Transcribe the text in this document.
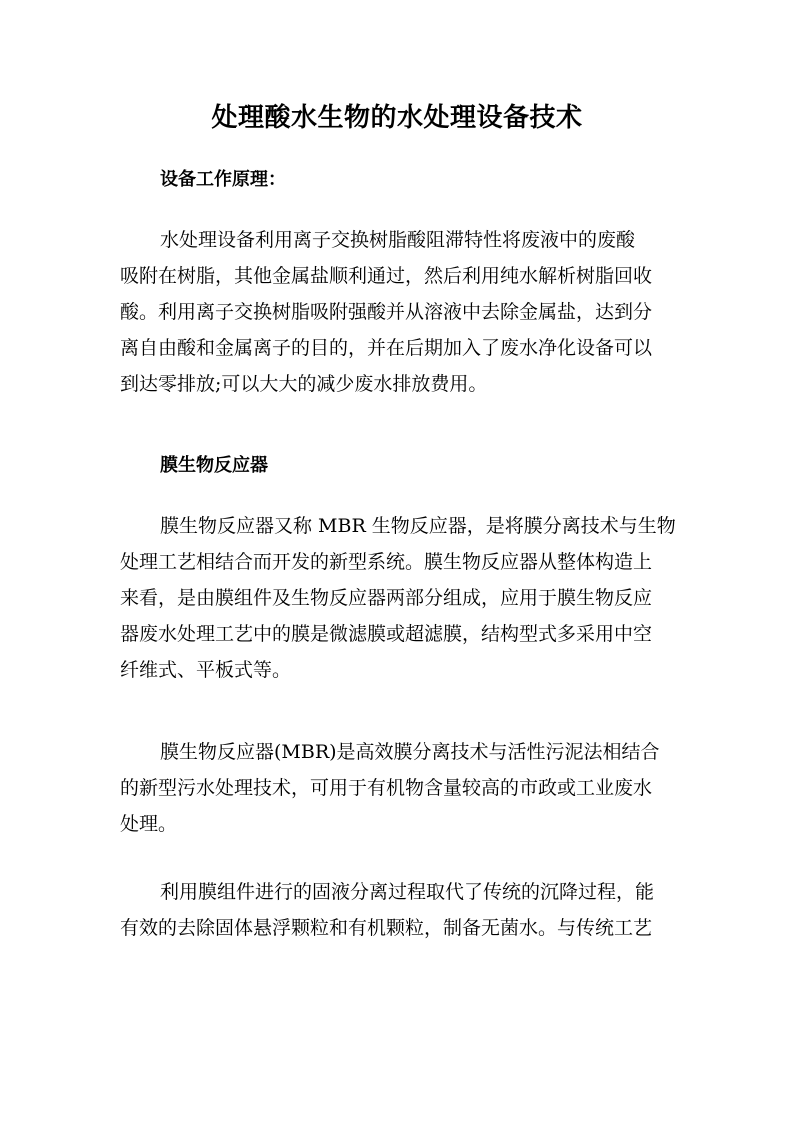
处理酸水生物的水处理设备技术
设备工作原理：
水处理设备利用离子交换树脂酸阻滞特性将废液中的废酸
吸附在树脂，其他金属盐顺利通过，然后利用纯水解析树脂回收
酸。利用离子交换树脂吸附强酸并从溶液中去除金属盐，达到分
离自由酸和金属离子的目的，并在后期加入了废水净化设备可以
到达零排放;可以大大的减少废水排放费用。
膜生物反应器
膜生物反应器又称 MBR 生物反应器，是将膜分离技术与生物
处理工艺相结合而开发的新型系统。膜生物反应器从整体构造上
来看，是由膜组件及生物反应器两部分组成，应用于膜生物反应
器废水处理工艺中的膜是微滤膜或超滤膜，结构型式多采用中空
纤维式、平板式等。
膜生物反应器(MBR)是高效膜分离技术与活性污泥法相结合
的新型污水处理技术，可用于有机物含量较高的市政或工业废水
处理。
利用膜组件进行的固液分离过程取代了传统的沉降过程，能
有效的去除固体悬浮颗粒和有机颗粒，制备无菌水。与传统工艺
